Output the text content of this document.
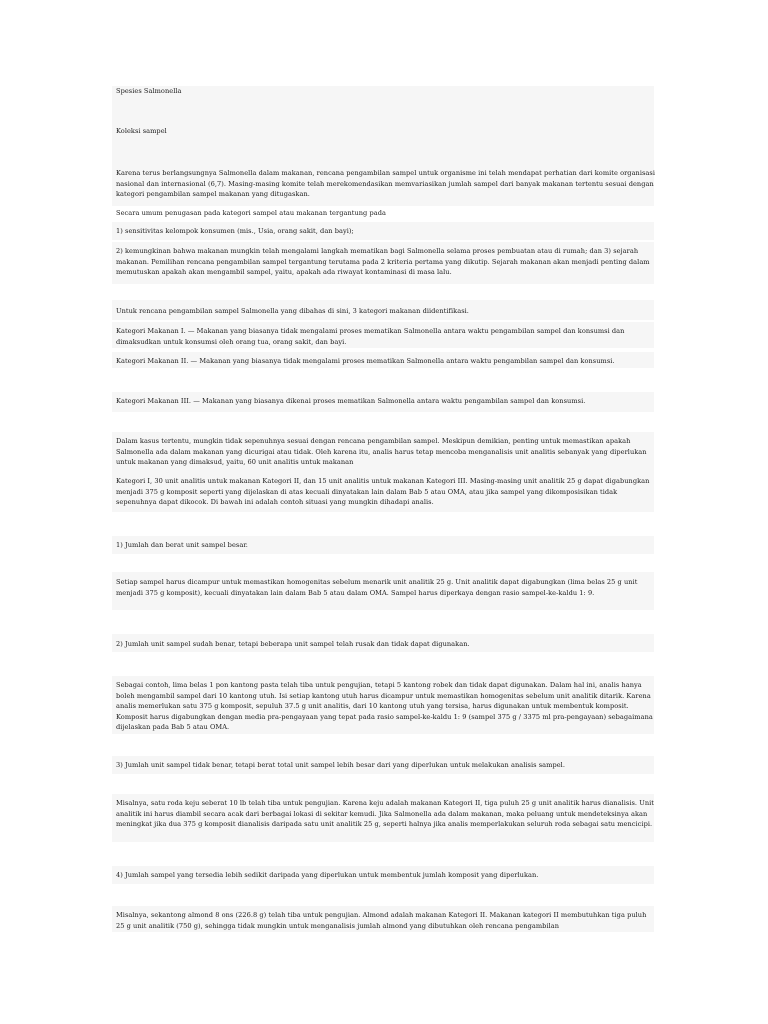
Spesies Salmonella
Koleksi sampel
Karena terus berlangsungnya Salmonella dalam makanan, rencana pengambilan sampel untuk organisme ini telah mendapat perhatian dari komite organisasi nasional dan internasional (6,7). Masing-masing komite telah merekomendasikan memvariasikan jumlah sampel dari banyak makanan tertentu sesuai dengan kategori pengambilan sampel makanan yang ditugaskan.
Secara umum penugasan pada kategori sampel atau makanan tergantung pada
1) sensitivitas kelompok konsumen (mis., Usia, orang sakit, dan bayi);
2) kemungkinan bahwa makanan mungkin telah mengalami langkah mematikan bagi Salmonella selama proses pembuatan atau di rumah; dan 3) sejarah makanan. Pemilihan rencana pengambilan sampel tergantung terutama pada 2 kriteria pertama yang dikutip. Sejarah makanan akan menjadi penting dalam memutuskan apakah akan mengambil sampel, yaitu, apakah ada riwayat kontaminasi di masa lalu.
Untuk rencana pengambilan sampel Salmonella yang dibahas di sini, 3 kategori makanan diidentifikasi.
Kategori Makanan I. — Makanan yang biasanya tidak mengalami proses mematikan Salmonella antara waktu pengambilan sampel dan konsumsi dan dimaksudkan untuk konsumsi oleh orang tua, orang sakit, dan bayi.
Kategori Makanan II. — Makanan yang biasanya tidak mengalami proses mematikan Salmonella antara waktu pengambilan sampel dan konsumsi.
Kategori Makanan III. — Makanan yang biasanya dikenai proses mematikan Salmonella antara waktu pengambilan sampel dan konsumsi.
Dalam kasus tertentu, mungkin tidak sepenuhnya sesuai dengan rencana pengambilan sampel. Meskipun demikian, penting untuk memastikan apakah Salmonella ada dalam makanan yang dicurigai atau tidak. Oleh karena itu, analis harus tetap mencoba menganalisis unit analitis sebanyak yang diperlukan untuk makanan yang dimaksud, yaitu, 60 unit analitis untuk makanan
Kategori I, 30 unit analitis untuk makanan Kategori II, dan 15 unit analitis untuk makanan Kategori III. Masing-masing unit analitik 25 g dapat digabungkan menjadi 375 g komposit seperti yang dijelaskan di atas kecuali dinyatakan lain dalam Bab 5 atau OMA, atau jika sampel yang dikomposisikan tidak sepenuhnya dapat dikocok. Di bawah ini adalah contoh situasi yang mungkin dihadapi analis.
1) Jumlah dan berat unit sampel besar.
Setiap sampel harus dicampur untuk memastikan homogenitas sebelum menarik unit analitik 25 g. Unit analitik dapat digabungkan (lima belas 25 g unit menjadi 375 g komposit), kecuali dinyatakan lain dalam Bab 5 atau dalam OMA. Sampel harus diperkaya dengan rasio sampel-ke-kaldu 1: 9.
2) Jumlah unit sampel sudah benar, tetapi beberapa unit sampel telah rusak dan tidak dapat digunakan.
Sebagai contoh, lima belas 1 pon kantong pasta telah tiba untuk pengujian, tetapi 5 kantong robek dan tidak dapat digunakan. Dalam hal ini, analis hanya boleh mengambil sampel dari 10 kantong utuh. Isi setiap kantong utuh harus dicampur untuk memastikan homogenitas sebelum unit analitik ditarik. Karena analis memerlukan satu 375 g komposit, sepuluh 37.5 g unit analitis, dari 10 kantong utuh yang tersisa, harus digunakan untuk membentuk komposit. Komposit harus digabungkan dengan media pra-pengayaan yang tepat pada rasio sampel-ke-kaldu 1: 9 (sampel 375 g / 3375 ml pra-pengayaan) sebagaimana dijelaskan pada Bab 5 atau OMA.
3) Jumlah unit sampel tidak benar, tetapi berat total unit sampel lebih besar dari yang diperlukan untuk melakukan analisis sampel.
Misalnya, satu roda keju seberat 10 lb telah tiba untuk pengujian. Karena keju adalah makanan Kategori II, tiga puluh 25 g unit analitik harus dianalisis. Unit analitik ini harus diambil secara acak dari berbagai lokasi di sekitar kemudi. Jika Salmonella ada dalam makanan, maka peluang untuk mendeteksinya akan meningkat jika dua 375 g komposit dianalisis daripada satu unit analitik 25 g, seperti halnya jika analis memperlakukan seluruh roda sebagai satu mencicipi.
4) Jumlah sampel yang tersedia lebih sedikit daripada yang diperlukan untuk membentuk jumlah komposit yang diperlukan.
Misalnya, sekantong almond 8 ons (226.8 g) telah tiba untuk pengujian. Almond adalah makanan Kategori II. Makanan kategori II membutuhkan tiga puluh 25 g unit analitik (750 g), sehingga tidak mungkin untuk menganalisis jumlah almond yang dibutuhkan oleh rencana pengambilan
